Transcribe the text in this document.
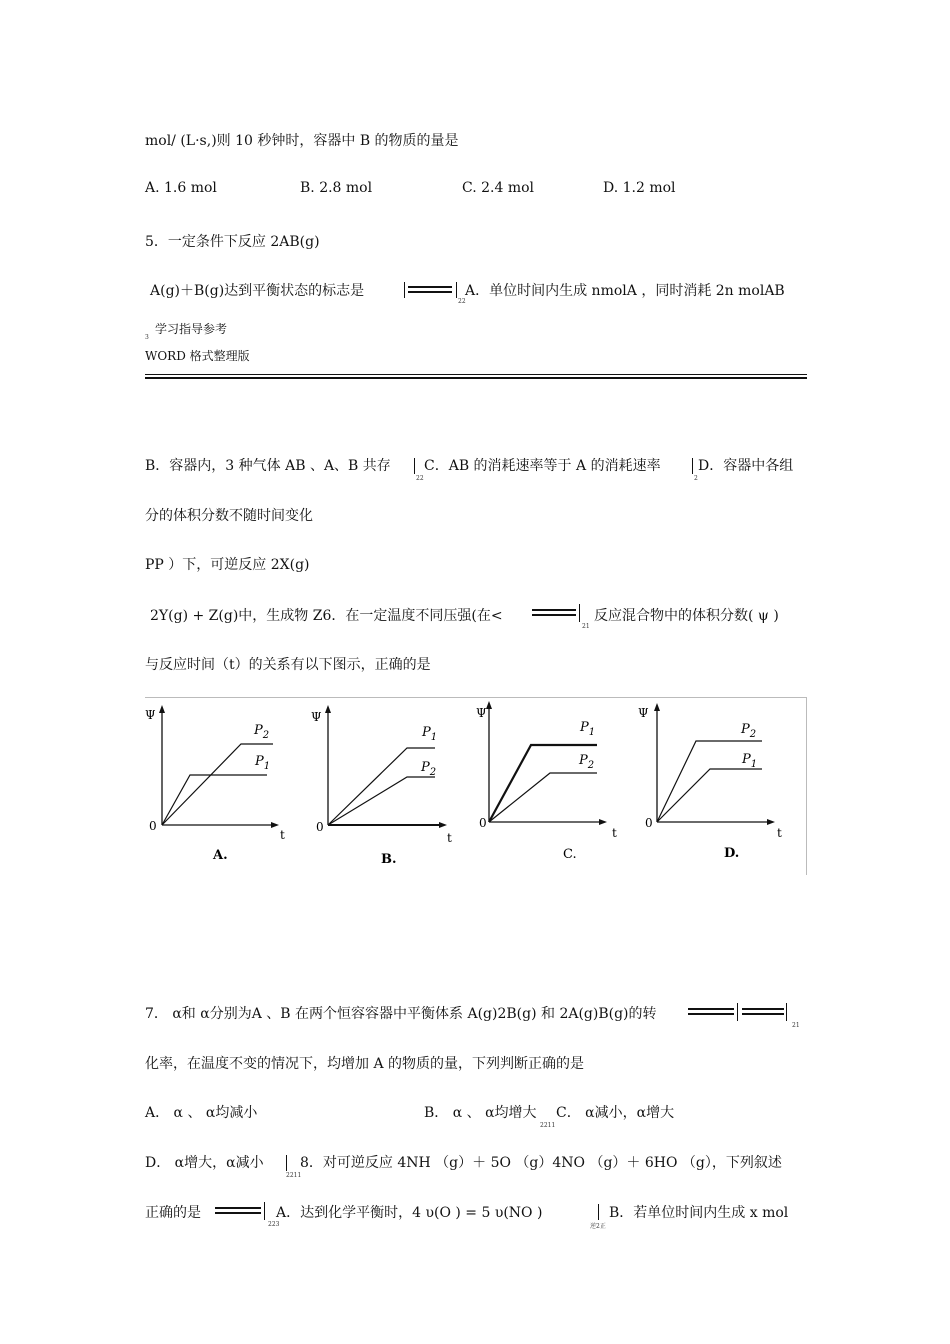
mol/ (L·s,)则 10 秒钟时，容器中 B 的物质的量是
A. 1.6 mol	B. 2.8 mol	C. 2.4 mol	D. 1.2 mol
5．一定条件下反应 2AB(g)
A(g)＋B(g)达到平衡状态的标志是	A．单位时间内生成 nmolA ，同时消耗 2n molAB
22
3
学习指导参考
WORD 格式整理版
B．容器内，3 种气体 AB 、A、B 共存
22
C．AB 的消耗速率等于 A 的消耗速率
2
D．容器中各组
分的体积分数不随时间变化
PP ）下，可逆反应 2X(g)
2Y(g) + Z(g)中，生成物 Z6．在一定温度不同压强(在<
21
反应混合物中的体积分数( ψ )
与反应时间（t）的关系有以下图示，正确的是
Ψ
0
t
$P_2$
$P_1$
A.
Ψ
0
t
$P_1$
$P_2$
B.
Ψ
0
t
$P_1$
$P_2$
C.
Ψ
0
t
$P_2$
$P_1$
D.
7． α和 α分别为A 、B 在两个恒容容器中平衡体系 A(g)2B(g) 和 2A(g)B(g)的转
21
化率，在温度不变的情况下，均增加 A 的物质的量，下列判断正确的是
A． α 、 α均减小	B． α 、 α均增大
2211
C． α减小，α增大
D． α增大，α减小
2211
8．对可逆反应 4NH （g）＋ 5O （g）4NO （g）＋ 6HO （g），下列叙述
正确的是
223
A．达到化学平衡时，4 υ(O ) = 5 υ(NO )
逆2正
B．若单位时间内生成 x mol
